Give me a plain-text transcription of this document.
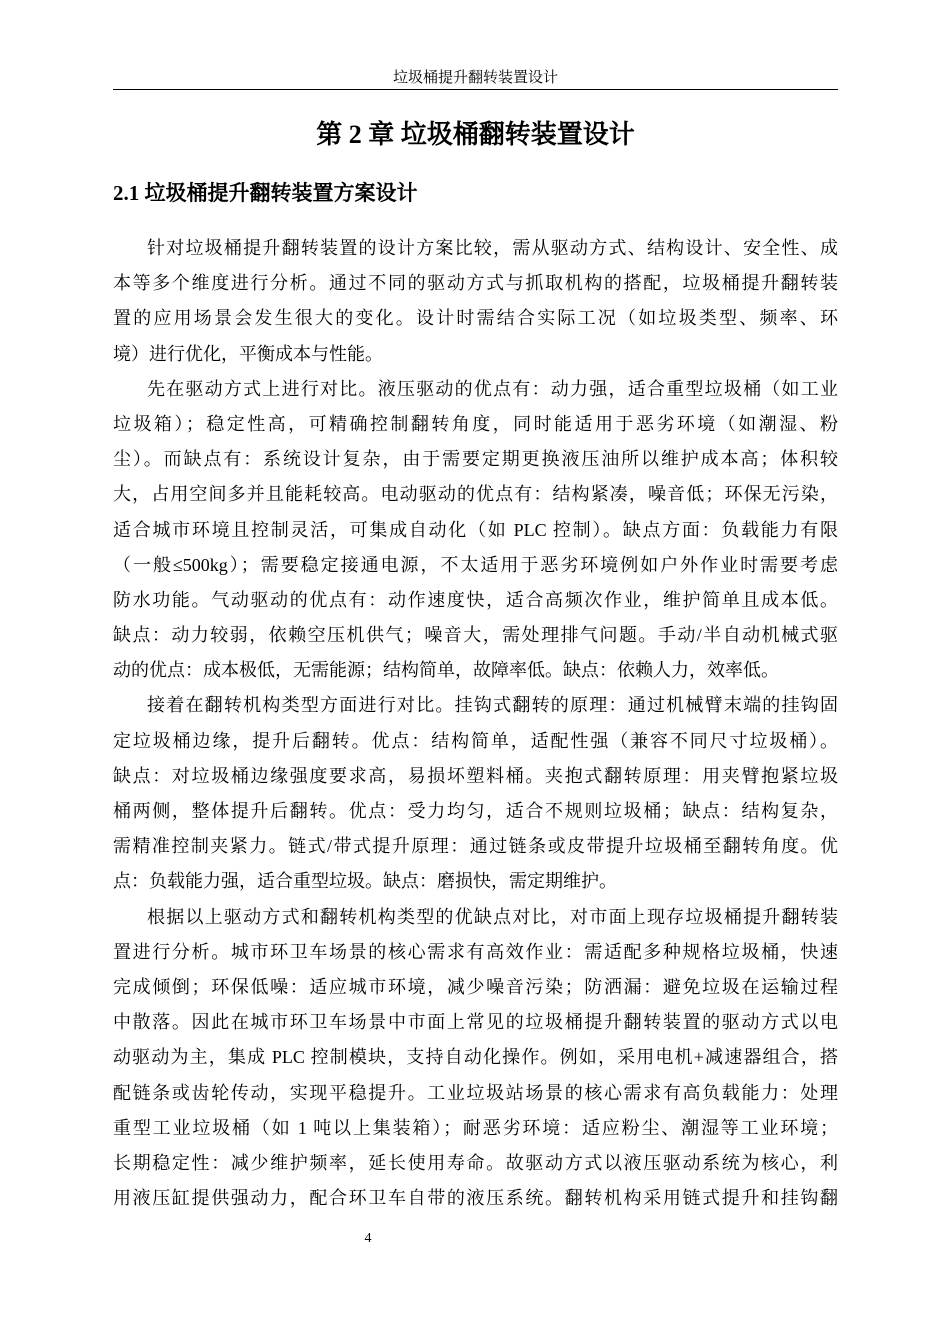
垃圾桶提升翻转装置设计
第 2 章 垃圾桶翻转装置设计
2.1 垃圾桶提升翻转装置方案设计
针对垃圾桶提升翻转装置的设计方案比较，需从驱动方式、结构设计、安全性、成
本等多个维度进行分析。通过不同的驱动方式与抓取机构的搭配，垃圾桶提升翻转装
置的应用场景会发生很大的变化。设计时需结合实际工况（如垃圾类型、频率、环
境）进行优化，平衡成本与性能。
先在驱动方式上进行对比。液压驱动的优点有：动力强，适合重型垃圾桶（如工业
垃圾箱）；稳定性高，可精确控制翻转角度，同时能适用于恶劣环境（如潮湿、粉
尘）。而缺点有：系统设计复杂，由于需要定期更换液压油所以维护成本高；体积较
大，占用空间多并且能耗较高。电动驱动的优点有：结构紧凑，噪音低；环保无污染，
适合城市环境且控制灵活，可集成自动化（如 PLC 控制）。缺点方面：负载能力有限
（一般≤500kg）；需要稳定接通电源，不太适用于恶劣环境例如户外作业时需要考虑
防水功能。气动驱动的优点有：动作速度快，适合高频次作业，维护简单且成本低。
缺点：动力较弱，依赖空压机供气；噪音大，需处理排气问题。手动/半自动机械式驱
动的优点：成本极低，无需能源；结构简单，故障率低。缺点：依赖人力，效率低。
接着在翻转机构类型方面进行对比。挂钩式翻转的原理：通过机械臂末端的挂钩固
定垃圾桶边缘，提升后翻转。优点：结构简单，适配性强（兼容不同尺寸垃圾桶）。
缺点：对垃圾桶边缘强度要求高，易损坏塑料桶。夹抱式翻转原理：用夹臂抱紧垃圾
桶两侧，整体提升后翻转。优点：受力均匀，适合不规则垃圾桶；缺点：结构复杂，
需精准控制夹紧力。链式/带式提升原理：通过链条或皮带提升垃圾桶至翻转角度。优
点：负载能力强，适合重型垃圾。缺点：磨损快，需定期维护。
根据以上驱动方式和翻转机构类型的优缺点对比，对市面上现存垃圾桶提升翻转装
置进行分析。城市环卫车场景的核心需求有高效作业：需适配多种规格垃圾桶，快速
完成倾倒；环保低噪：适应城市环境，减少噪音污染；防洒漏：避免垃圾在运输过程
中散落。因此在城市环卫车场景中市面上常见的垃圾桶提升翻转装置的驱动方式以电
动驱动为主，集成 PLC 控制模块，支持自动化操作。例如，采用电机+减速器组合，搭
配链条或齿轮传动，实现平稳提升。工业垃圾站场景的核心需求有高负载能力：处理
重型工业垃圾桶（如 1 吨以上集装箱）；耐恶劣环境：适应粉尘、潮湿等工业环境；
长期稳定性：减少维护频率，延长使用寿命。故驱动方式以液压驱动系统为核心，利
用液压缸提供强动力，配合环卫车自带的液压系统。翻转机构采用链式提升和挂钩翻
4
